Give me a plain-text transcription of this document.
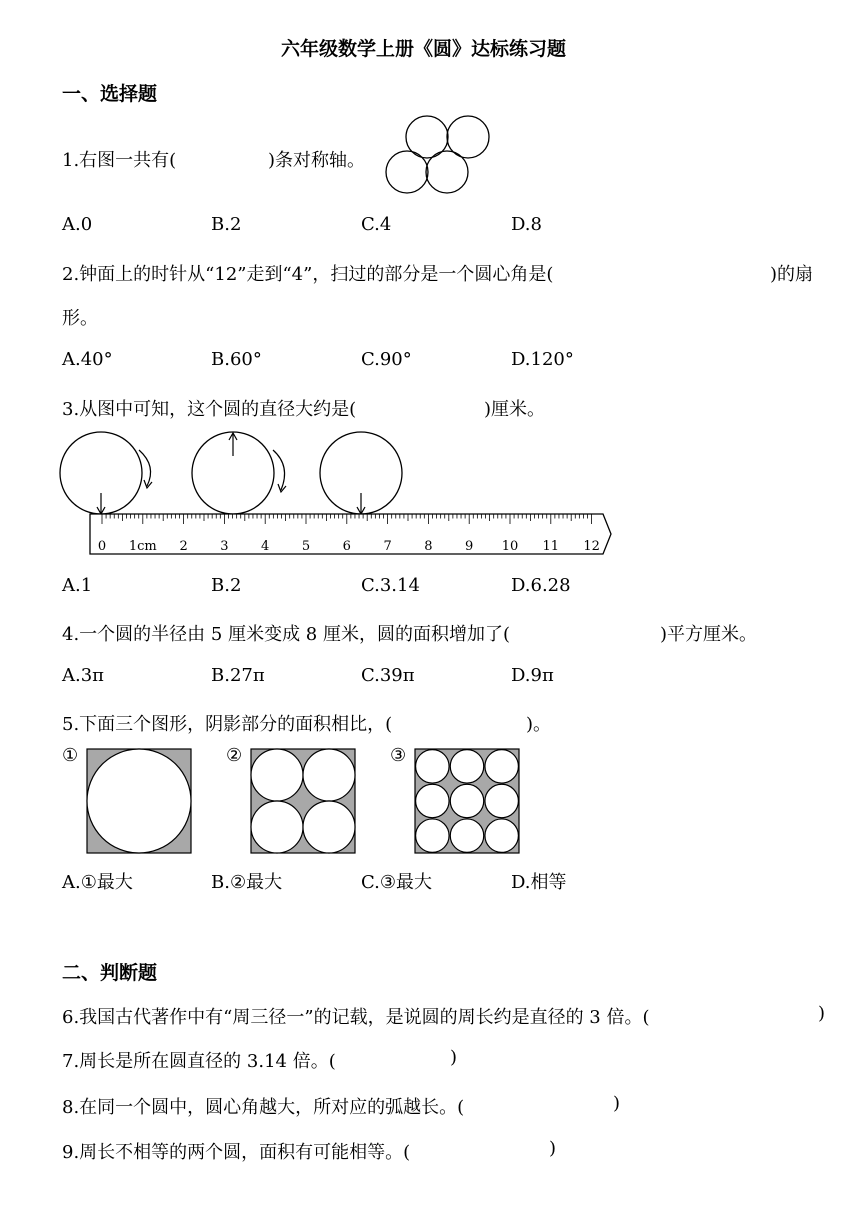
六年级数学上册《圆》达标练习题
一、选择题
1.右图一共有(	)条对称轴。
A.0	B.2	C.4	D.8
2.钟面上的时针从“12”走到“4”，扫过的部分是一个圆心角是(	)的扇
形。
A.40°	B.60°	C.90°	D.120°
3.从图中可知，这个圆的直径大约是(	)厘米。
0 1cm 2	3	4	5	6	7	8	9 10 11 12
A.1	B.2	C.3.14	D.6.28
4.一个圆的半径由 5 厘米变成 8 厘米，圆的面积增加了(	)平方厘米。
A.3π	B.27π	C.39π	D.9π
5.下面三个图形，阴影部分的面积相比，(	)。
①	②	③
A.①最大	B.②最大	C.③最大	D.相等
二、判断题
6.我国古代著作中有“周三径一”的记载，是说圆的周长约是直径的 3 倍。(	)
7.周长是所在圆直径的 3.14 倍。(	)
8.在同一个圆中，圆心角越大，所对应的弧越长。(	)
9.周长不相等的两个圆，面积有可能相等。(	)
